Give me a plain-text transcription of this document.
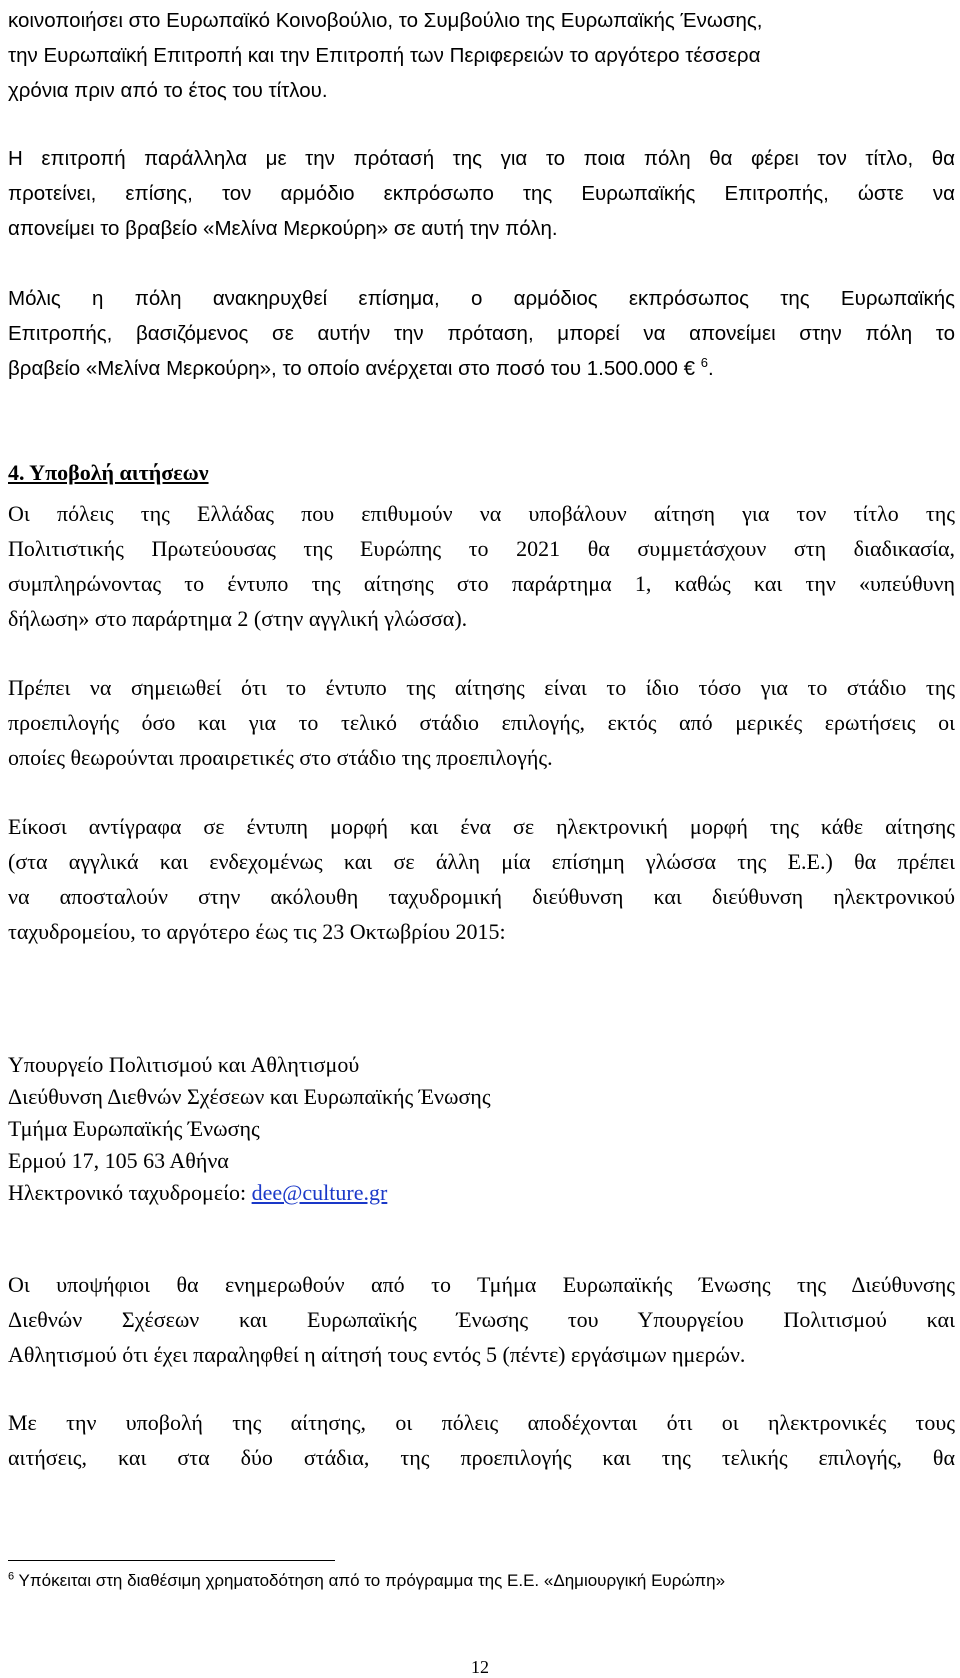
κοινοποιήσει στο Ευρωπαϊκό Κοινοβούλιο, το Συμβούλιο της Ευρωπαϊκής Ένωσης,
την Ευρωπαϊκή Επιτροπή και την Επιτροπή των Περιφερειών το αργότερο τέσσερα
χρόνια πριν από το έτος του τίτλου.
Η επιτροπή παράλληλα με την πρότασή της για το ποια πόλη θα φέρει τον τίτλο, θα
προτείνει, επίσης, τον αρμόδιο εκπρόσωπο της Ευρωπαϊκής Επιτροπής, ώστε να
απονείμει το βραβείο «Μελίνα Μερκούρη» σε αυτή την πόλη.
Μόλις η πόλη ανακηρυχθεί επίσημα, ο αρμόδιος εκπρόσωπος της Ευρωπαϊκής
Επιτροπής, βασιζόμενος σε αυτήν την πρόταση, μπορεί να απονείμει στην πόλη το
βραβείο «Μελίνα Μερκούρη», το οποίο ανέρχεται στο ποσό του 1.500.000 € $^6$.
4. Υποβολή αιτήσεων
Οι πόλεις της Ελλάδας που επιθυμούν να υποβάλουν αίτηση για τον τίτλο της
Πολιτιστικής Πρωτεύουσας της Ευρώπης το 2021 θα συμμετάσχουν στη διαδικασία,
συμπληρώνοντας το έντυπο της αίτησης στο παράρτημα 1, καθώς και την «υπεύθυνη
δήλωση» στο παράρτημα 2 (στην αγγλική γλώσσα).
Πρέπει να σημειωθεί ότι το έντυπο της αίτησης είναι το ίδιο τόσο για το στάδιο της
προεπιλογής όσο και για το τελικό στάδιο επιλογής, εκτός από μερικές ερωτήσεις οι
οποίες θεωρούνται προαιρετικές στο στάδιο της προεπιλογής.
Είκοσι αντίγραφα σε έντυπη μορφή και ένα σε ηλεκτρονική μορφή της κάθε αίτησης
(στα αγγλικά και ενδεχομένως και σε άλλη μία επίσημη γλώσσα της Ε.Ε.) θα πρέπει
να αποσταλούν στην ακόλουθη ταχυδρομική διεύθυνση και διεύθυνση ηλεκτρονικού
ταχυδρομείου, το αργότερο έως τις 23 Οκτωβρίου 2015:
Υπουργείο Πολιτισμού και Αθλητισμού
Διεύθυνση Διεθνών Σχέσεων και Ευρωπαϊκής Ένωσης
Τμήμα Ευρωπαϊκής Ένωσης
Ερμού 17, 105 63 Αθήνα
Ηλεκτρονικό ταχυδρομείο: dee@culture.gr
Οι υποψήφιοι θα ενημερωθούν από το Τμήμα Ευρωπαϊκής Ένωσης της Διεύθυνσης
Διεθνών Σχέσεων και Ευρωπαϊκής Ένωσης του Υπουργείου Πολιτισμού και
Αθλητισμού ότι έχει παραληφθεί η αίτησή τους εντός 5 (πέντε) εργάσιμων ημερών.
Με την υποβολή της αίτησης, οι πόλεις αποδέχονται ότι οι ηλεκτρονικές τους
αιτήσεις, και στα δύο στάδια, της προεπιλογής και της τελικής επιλογής, θα
$^6$ Υπόκειται στη διαθέσιμη χρηματοδότηση από το πρόγραμμα της Ε.Ε. «Δημιουργική Ευρώπη»
12
